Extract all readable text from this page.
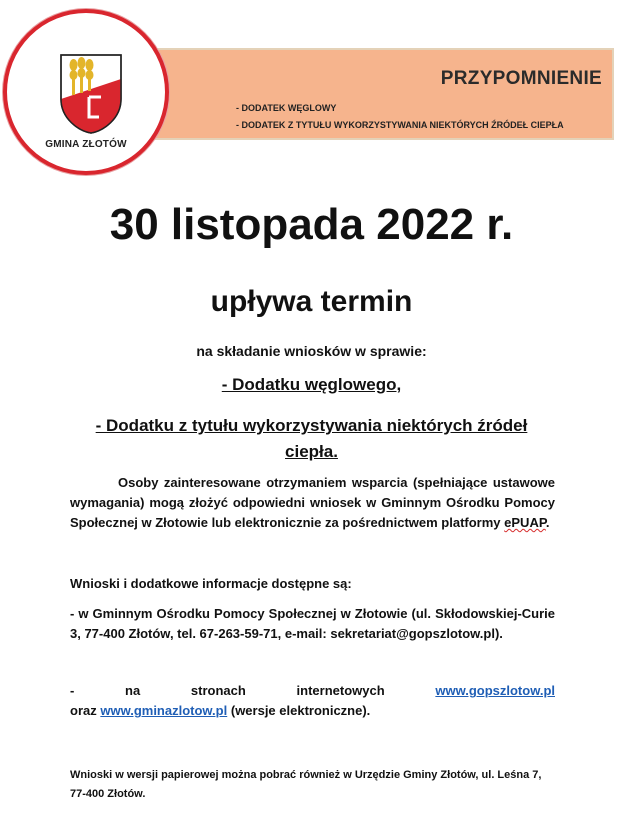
PRZYPOMNIENIE
- DODATEK WĘGLOWY
- DODATEK Z TYTUŁU WYKORZYSTYWANIA NIEKTÓRYCH ŹRÓDEŁ CIEPŁA
GMINA ZŁOTÓW
30 listopada 2022 r.
upływa termin
na składanie wniosków w sprawie:
- Dodatku węglowego,
- Dodatku z tytułu wykorzystywania niektórych źródeł ciepła.
Osoby zainteresowane otrzymaniem wsparcia (spełniające ustawowe wymagania) mogą złożyć odpowiedni wniosek w Gminnym Ośrodku Pomocy Społecznej w Złotowie lub elektronicznie za pośrednictwem platformy ePUAP.
Wnioski i dodatkowe informacje dostępne są:
- w Gminnym Ośrodku Pomocy Społecznej w Złotowie (ul. Skłodowskiej-Curie 3, 77-400 Złotów, tel. 67-263-59-71, e-mail: sekretariat@gopszlotow.pl).
-	na	stronach	internetowych	www.gopszlotow.pl
oraz www.gminazlotow.pl (wersje elektroniczne).
Wnioski w wersji papierowej można pobrać również w Urzędzie Gminy Złotów, ul. Leśna 7, 77-400 Złotów.
